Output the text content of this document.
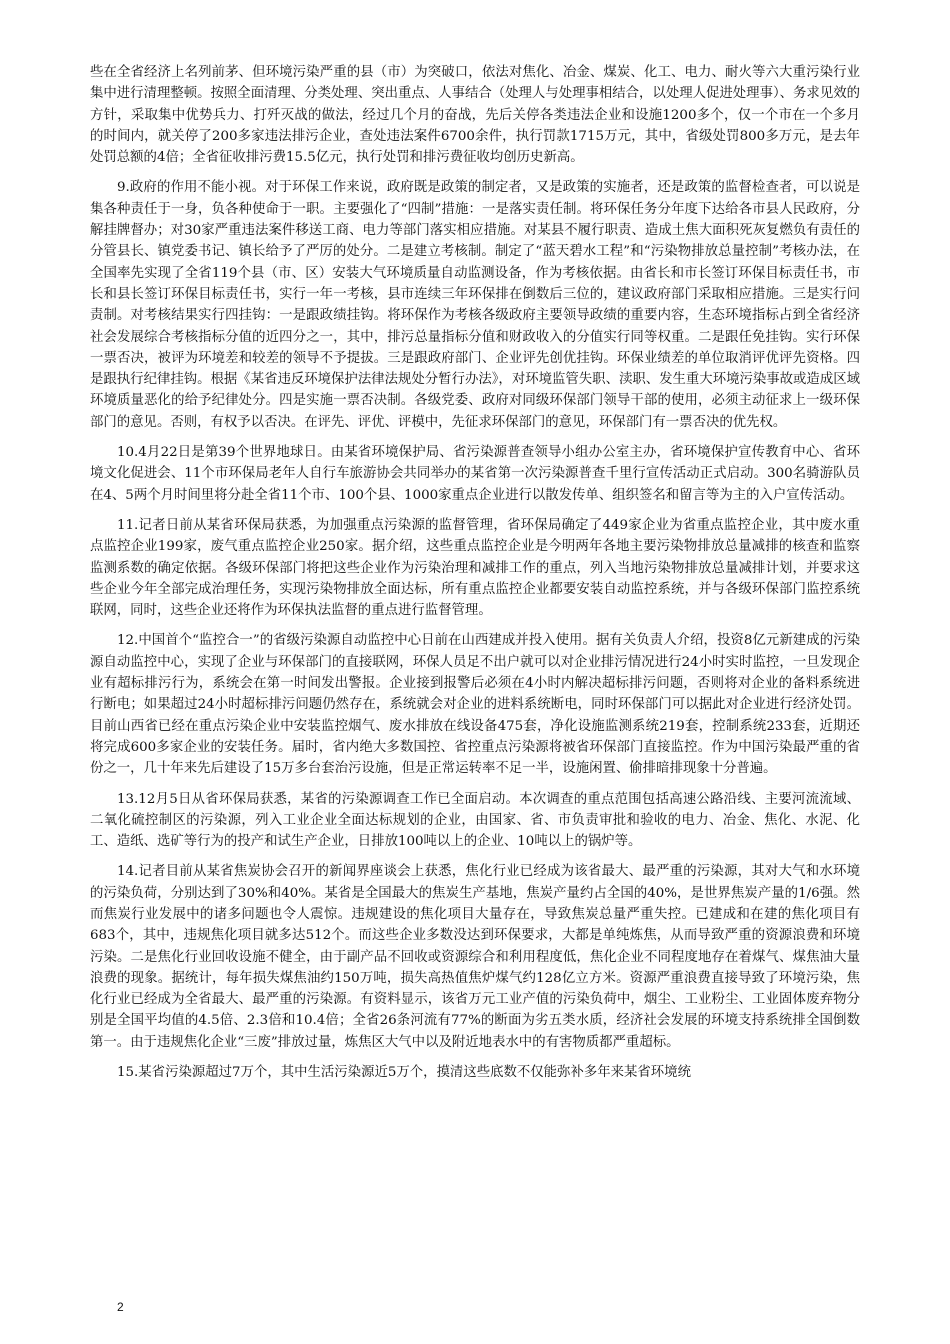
些在全省经济上名列前茅、但环境污染严重的县（市）为突破口，依法对焦化、冶金、煤炭、化工、电力、耐火等六大重污染行业集中进行清理整顿。按照全面清理、分类处理、突出重点、人事结合（处理人与处理事相结合，以处理人促进处理事）、务求见效的方针，采取集中优势兵力、打歼灭战的做法，经过几个月的奋战，先后关停各类违法企业和设施1200多个，仅一个市在一个多月的时间内，就关停了200多家违法排污企业，查处违法案件6700余件，执行罚款1715万元，其中，省级处罚800多万元，是去年处罚总额的4倍；全省征收排污费15.5亿元，执行处罚和排污费征收均创历史新高。

9.政府的作用不能小视。对于环保工作来说，政府既是政策的制定者，又是政策的实施者，还是政策的监督检查者，可以说是集各种责任于一身，负各种使命于一职。主要强化了“四制”措施：一是落实责任制。将环保任务分年度下达给各市县人民政府，分解挂牌督办；对30家严重违法案件移送工商、电力等部门落实相应措施。对某县不履行职责、造成土焦大面积死灰复燃负有责任的分管县长、镇党委书记、镇长给予了严厉的处分。二是建立考核制。制定了“蓝天碧水工程”和“污染物排放总量控制”考核办法，在全国率先实现了全省119个县（市、区）安装大气环境质量自动监测设备，作为考核依据。由省长和市长签订环保目标责任书，市长和县长签订环保目标责任书，实行一年一考核，县市连续三年环保排在倒数后三位的，建议政府部门采取相应措施。三是实行问责制。对考核结果实行四挂钩：一是跟政绩挂钩。将环保作为考核各级政府主要领导政绩的重要内容，生态环境指标占到全省经济社会发展综合考核指标分值的近四分之一，其中，排污总量指标分值和财政收入的分值实行同等权重。二是跟任免挂钩。实行环保一票否决，被评为环境差和较差的领导不予提拔。三是跟政府部门、企业评先创优挂钩。环保业绩差的单位取消评优评先资格。四是跟执行纪律挂钩。根据《某省违反环境保护法律法规处分暂行办法》，对环境监管失职、渎职、发生重大环境污染事故或造成区域环境质量恶化的给予纪律处分。四是实施一票否决制。各级党委、政府对同级环保部门领导干部的使用，必须主动征求上一级环保部门的意见。否则，有权予以否决。在评先、评优、评模中，先征求环保部门的意见，环保部门有一票否决的优先权。

10.4月22日是第39个世界地球日。由某省环境保护局、省污染源普查领导小组办公室主办，省环境保护宣传教育中心、省环境文化促进会、11个市环保局老年人自行车旅游协会共同举办的某省第一次污染源普查千里行宣传活动正式启动。300名骑游队员在4、5两个月时间里将分赴全省11个市、100个县、1000家重点企业进行以散发传单、组织签名和留言等为主的入户宣传活动。

11.记者日前从某省环保局获悉，为加强重点污染源的监督管理，省环保局确定了449家企业为省重点监控企业，其中废水重点监控企业199家，废气重点监控企业250家。据介绍，这些重点监控企业是今明两年各地主要污染物排放总量减排的核查和监察监测系数的确定依据。各级环保部门将把这些企业作为污染治理和减排工作的重点，列入当地污染物排放总量减排计划，并要求这些企业今年全部完成治理任务，实现污染物排放全面达标，所有重点监控企业都要安装自动监控系统，并与各级环保部门监控系统联网，同时，这些企业还将作为环保执法监督的重点进行监督管理。

12.中国首个“监控合一”的省级污染源自动监控中心日前在山西建成并投入使用。据有关负责人介绍，投资8亿元新建成的污染源自动监控中心，实现了企业与环保部门的直接联网，环保人员足不出户就可以对企业排污情况进行24小时实时监控，一旦发现企业有超标排污行为，系统会在第一时间发出警报。企业接到报警后必须在4小时内解决超标排污问题，否则将对企业的备料系统进行断电；如果超过24小时超标排污问题仍然存在，系统就会对企业的进料系统断电，同时环保部门可以据此对企业进行经济处罚。目前山西省已经在重点污染企业中安装监控烟气、废水排放在线设备475套，净化设施监测系统219套，控制系统233套，近期还将完成600多家企业的安装任务。届时，省内绝大多数国控、省控重点污染源将被省环保部门直接监控。作为中国污染最严重的省份之一，几十年来先后建设了15万多台套治污设施，但是正常运转率不足一半，设施闲置、偷排暗排现象十分普遍。

13.12月5日从省环保局获悉，某省的污染源调查工作已全面启动。本次调查的重点范围包括高速公路沿线、主要河流流域、二氧化硫控制区的污染源，列入工业企业全面达标规划的企业，由国家、省、市负责审批和验收的电力、冶金、焦化、水泥、化工、造纸、选矿等行为的投产和试生产企业，日排放100吨以上的企业、10吨以上的锅炉等。

14.记者目前从某省焦炭协会召开的新闻界座谈会上获悉，焦化行业已经成为该省最大、最严重的污染源，其对大气和水环境的污染负荷，分别达到了30%和40%。某省是全国最大的焦炭生产基地，焦炭产量约占全国的40%，是世界焦炭产量的1/6强。然而焦炭行业发展中的诸多问题也令人震惊。违规建设的焦化项目大量存在，导致焦炭总量严重失控。已建成和在建的焦化项目有683个，其中，违规焦化项目就多达512个。而这些企业多数没达到环保要求，大都是单纯炼焦，从而导致严重的资源浪费和环境污染。二是焦化行业回收设施不健全，由于副产品不回收或资源综合和利用程度低，焦化企业不同程度地存在着煤气、煤焦油大量浪费的现象。据统计，每年损失煤焦油约150万吨，损失高热值焦炉煤气约128亿立方米。资源严重浪费直接导致了环境污染，焦化行业已经成为全省最大、最严重的污染源。有资料显示，该省万元工业产值的污染负荷中，烟尘、工业粉尘、工业固体废弃物分别是全国平均值的4.5倍、2.3倍和10.4倍；全省26条河流有77%的断面为劣五类水质，经济社会发展的环境支持系统排全国倒数第一。由于违规焦化企业“三废”排放过量，炼焦区大气中以及附近地表水中的有害物质都严重超标。

15.某省污染源超过7万个，其中生活污染源近5万个，摸清这些底数不仅能弥补多年来某省环境统

2
